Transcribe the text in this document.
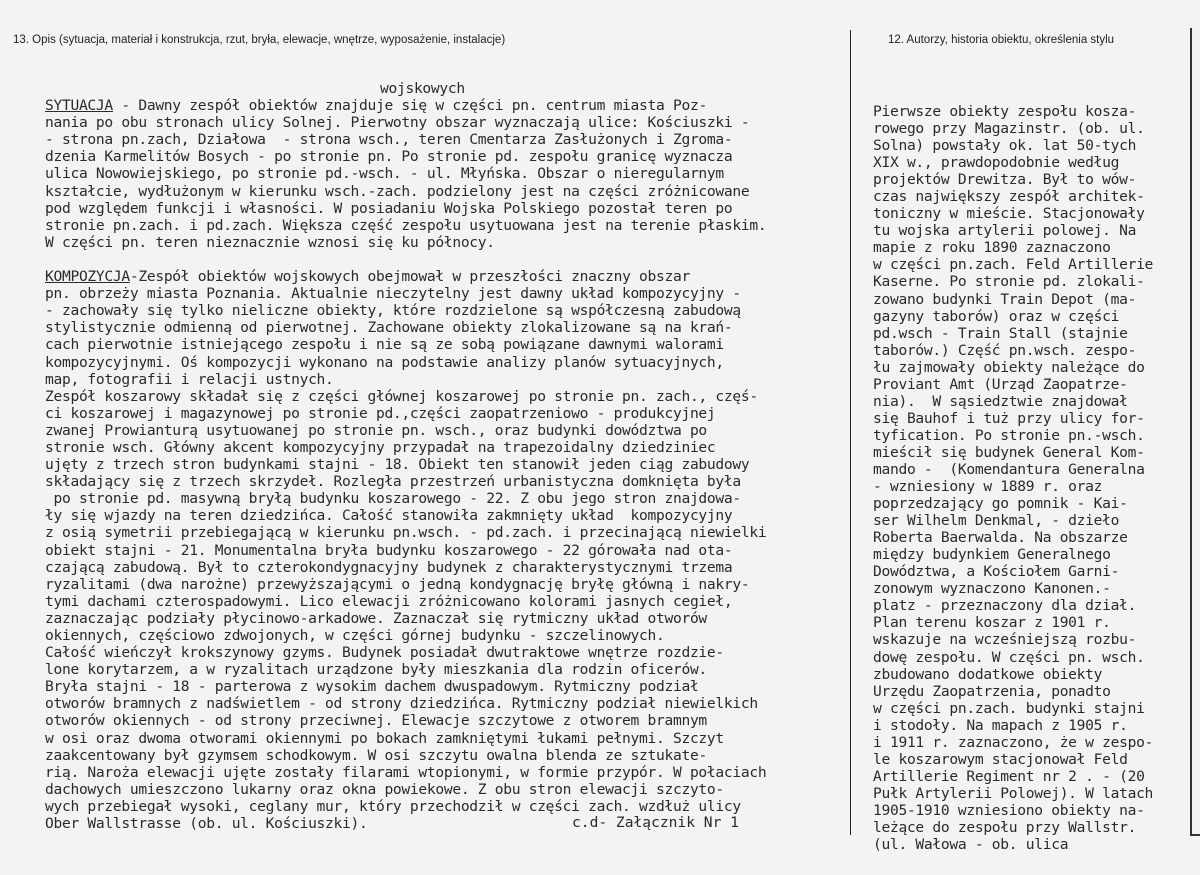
13. Opis (sytuacja, materiał i konstrukcja, rzut, bryła, elewacje, wnętrze, wyposażenie, instalacje)	12. Autorzy, historia obiektu, określenia stylu
wojskowych
SYTUACJA - Dawny zespół obiektów znajduje się w części pn. centrum miasta Poz-
nania po obu stronach ulicy Solnej. Pierwotny obszar wyznaczają ulice: Kościuszki -
- strona pn.zach, Działowa  - strona wsch., teren Cmentarza Zasłużonych i Zgroma-
dzenia Karmelitów Bosych - po stronie pn. Po stronie pd. zespołu granicę wyznacza
ulica Nowowiejskiego, po stronie pd.-wsch. - ul. Młyńska. Obszar o nieregularnym
kształcie, wydłużonym w kierunku wsch.-zach. podzielony jest na części zróżnicowane
pod względem funkcji i własności. W posiadaniu Wojska Polskiego pozostał teren po
stronie pn.zach. i pd.zach. Większa część zespołu usytuowana jest na terenie płaskim.
W części pn. teren nieznacznie wznosi się ku północy.
KOMPOZYCJA-Zespół obiektów wojskowych obejmował w przeszłości znaczny obszar
pn. obrzeży miasta Poznania. Aktualnie nieczytelny jest dawny układ kompozycyjny -
- zachowały się tylko nieliczne obiekty, które rozdzielone są współczesną zabudową
stylistycznie odmienną od pierwotnej. Zachowane obiekty zlokalizowane są na krań-
cach pierwotnie istniejącego zespołu i nie są ze sobą powiązane dawnymi walorami
kompozycyjnymi. Oś kompozycji wykonano na podstawie analizy planów sytuacyjnych,
map, fotografii i relacji ustnych.
Zespół koszarowy składał się z części głównej koszarowej po stronie pn. zach., częś-
ci koszarowej i magazynowej po stronie pd.,części zaopatrzeniowo - produkcyjnej
zwanej Prowianturą usytuowanej po stronie pn. wsch., oraz budynki dowództwa po
stronie wsch. Główny akcent kompozycyjny przypadał na trapezoidalny dziedziniec
ujęty z trzech stron budynkami stajni - 18. Obiekt ten stanowił jeden ciąg zabudowy
składający się z trzech skrzydeł. Rozległa przestrzeń urbanistyczna domknięta była
po stronie pd. masywną bryłą budynku koszarowego - 22. Z obu jego stron znajdowa-
ły się wjazdy na teren dziedzińca. Całość stanowiła zakmnięty układ  kompozycyjny
z osią symetrii przebiegającą w kierunku pn.wsch. - pd.zach. i przecinającą niewielki
obiekt stajni - 21. Monumentalna bryła budynku koszarowego - 22 górowała nad ota-
czającą zabudową. Był to czterokondygnacyjny budynek z charakterystycznymi trzema
ryzalitami (dwa narożne) przewyższającymi o jedną kondygnację bryłę główną i nakry-
tymi dachami czterospadowymi. Lico elewacji zróżnicowano kolorami jasnych cegieł,
zaznaczając podziały płycinowo-arkadowe. Zaznaczał się rytmiczny układ otworów
okiennych, częściowo zdwojonych, w części górnej budynku - szczelinowych.
Całość wieńczył krokszynowy gzyms. Budynek posiadał dwutraktowe wnętrze rozdzie-
lone korytarzem, a w ryzalitach urządzone były mieszkania dla rodzin oficerów.
Bryła stajni - 18 - parterowa z wysokim dachem dwuspadowym. Rytmiczny podział
otworów bramnych z nadświetlem - od strony dziedzińca. Rytmiczny podział niewielkich
otworów okiennych - od strony przeciwnej. Elewacje szczytowe z otworem bramnym
w osi oraz dwoma otworami okiennymi po bokach zamkniętymi łukami pełnymi. Szczyt
zaakcentowany był gzymsem schodkowym. W osi szczytu owalna blenda ze sztukate-
rią. Naroża elewacji ujęte zostały filarami wtopionymi, w formie przypór. W połaciach
dachowych umieszczono lukarny oraz okna powiekowe. Z obu stron elewacji szczyto-
wych przebiegał wysoki, ceglany mur, który przechodził w części zach. wzdłuż ulicy
Ober Wallstrasse (ob. ul. Kościuszki).
Pierwsze obiekty zespołu kosza-
rowego przy Magazinstr. (ob. ul.
Solna) powstały ok. lat 50-tych
XIX w., prawdopodobnie według
projektów Drewitza. Był to wów-
czas największy zespół architek-
toniczny w mieście. Stacjonowały
tu wojska artylerii polowej. Na
mapie z roku 1890 zaznaczono
w części pn.zach. Feld Artillerie
Kaserne. Po stronie pd. zlokali-
zowano budynki Train Depot (ma-
gazyny taborów) oraz w części
pd.wsch - Train Stall (stajnie
taborów.) Część pn.wsch. zespo-
łu zajmowały obiekty należące do
Proviant Amt (Urząd Zaopatrze-
nia).  W sąsiedztwie znajdował
się Bauhof i tuż przy ulicy for-
tyfication. Po stronie pn.-wsch.
mieścił się budynek General Kom-
mando -  (Komendantura Generalna
- wzniesiony w 1889 r. oraz
poprzedzający go pomnik - Kai-
ser Wilhelm Denkmal, - dzieło
Roberta Baerwalda. Na obszarze
między budynkiem Generalnego
Dowództwa, a Kościołem Garni-
zonowym wyznaczono Kanonen.-
platz - przeznaczony dla dział.
Plan terenu koszar z 1901 r.
wskazuje na wcześniejszą rozbu-
dowę zespołu. W części pn. wsch.
zbudowano dodatkowe obiekty
Urzędu Zaopatrzenia, ponadto
w części pn.zach. budynki stajni
i stodoły. Na mapach z 1905 r.
i 1911 r. zaznaczono, że w zespo-
le koszarowym stacjonował Feld
Artillerie Regiment nr 2 . - (20
Pułk Artylerii Polowej). W latach
1905-1910 wzniesiono obiekty na-
leżące do zespołu przy Wallstr.
(ul. Wałowa - ob. ulica
c.d- Załącznik Nr 1
